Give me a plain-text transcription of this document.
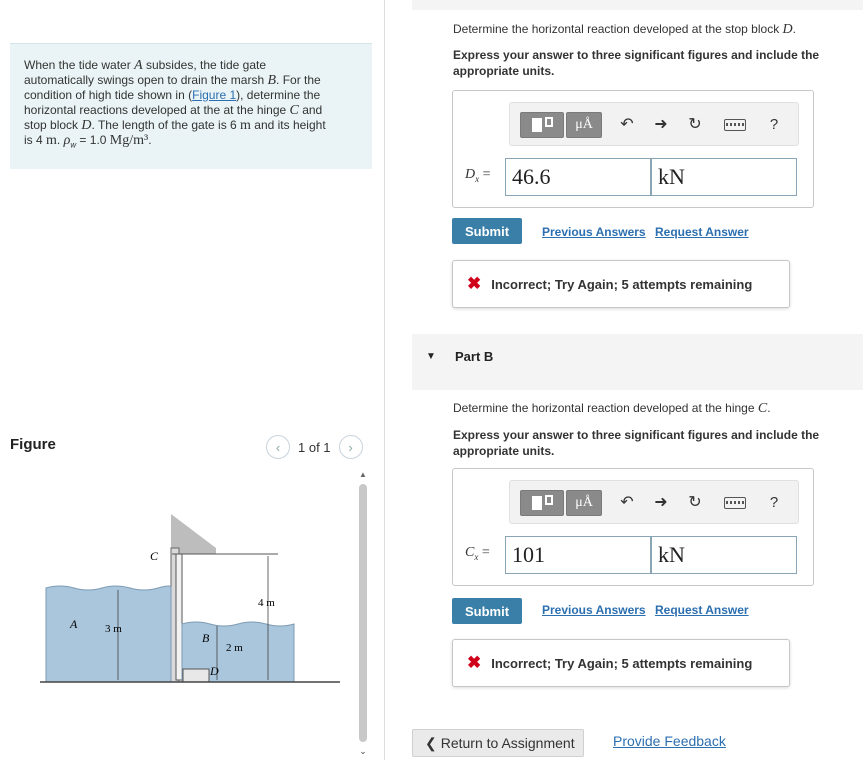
When the tide water A subsides, the tide gate
automatically swings open to drain the marsh B. For the
condition of high tide shown in (Figure 1), determine the
horizontal reactions developed at the at the hinge C and
stop block D. The length of the gate is 6 m and its height
is 4 m. $\rho_w = 1.0$ Mg/m³.
Figure	‹ 1 of 1 ›
A	3 m
C
4 m
B
2 m
D
▲
⌄
Determine the horizontal reaction developed at the stop block D.
Express your answer to three significant figures and include the appropriate units.
μÅ	↶ ➜ ↻	?
$D_x = 46.6$	kN
Submit	Previous Answers Request Answer
✖ Incorrect; Try Again; 5 attempts remaining
▼ Part B
Determine the horizontal reaction developed at the hinge C.
Express your answer to three significant figures and include the appropriate units.
μÅ	↶ ➜ ↻	?
$C_x$ =	101	kN
Submit	Previous Answers Request Answer
✖ Incorrect; Try Again; 5 attempts remaining
❮ Return to Assignment	Provide Feedback
